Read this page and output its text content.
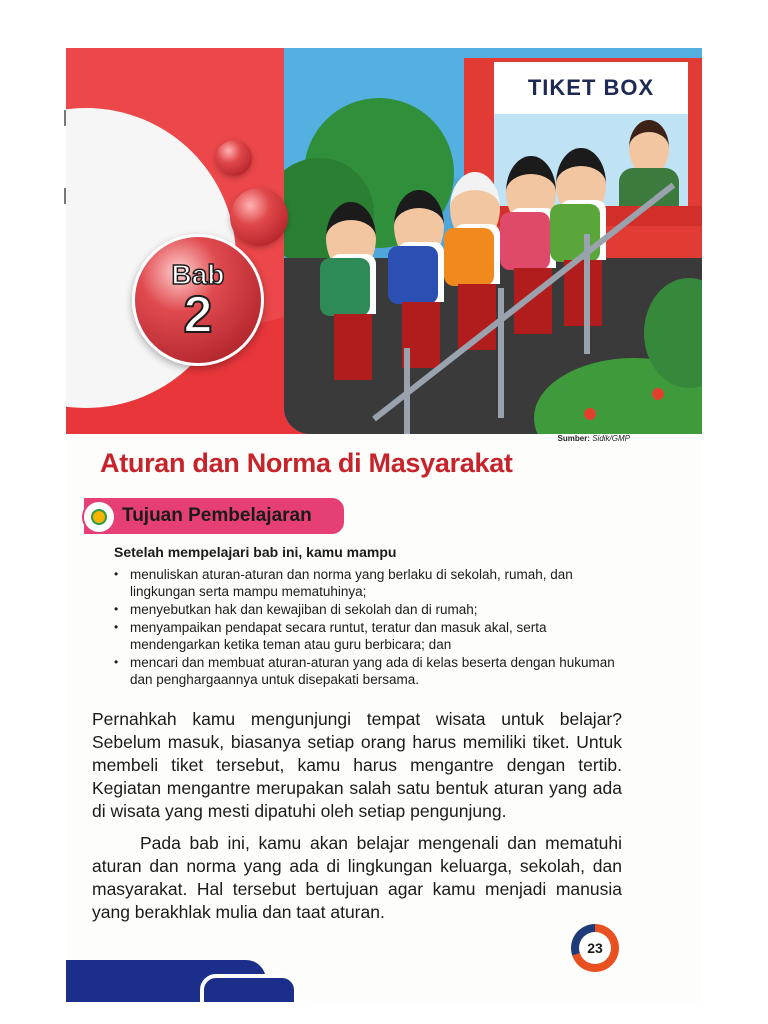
TIKET BOX
Bab
2
Sumber: Sidik/GMP
Aturan dan Norma di Masyarakat
Tujuan Pembelajaran
Setelah mempelajari bab ini, kamu mampu
• menuliskan aturan-aturan dan norma yang berlaku di sekolah, rumah, dan lingkungan serta mampu mematuhinya;
• menyebutkan hak dan kewajiban di sekolah dan di rumah;
• menyampaikan pendapat secara runtut, teratur dan masuk akal, serta mendengarkan ketika teman atau guru berbicara; dan
• mencari dan membuat aturan-aturan yang ada di kelas beserta dengan hukuman dan penghargaannya untuk disepakati bersama.

Pernahkah kamu mengunjungi tempat wisata untuk belajar? Sebelum masuk, biasanya setiap orang harus memiliki tiket. Untuk membeli tiket tersebut, kamu harus mengantre dengan tertib. Kegiatan mengantre merupakan salah satu bentuk aturan yang ada di wisata yang mesti dipatuhi oleh setiap pengunjung.

Pada bab ini, kamu akan belajar mengenali dan mematuhi aturan dan norma yang ada di lingkungan keluarga, sekolah, dan masyarakat. Hal tersebut bertujuan agar kamu menjadi manusia yang berakhlak mulia dan taat aturan.

23
